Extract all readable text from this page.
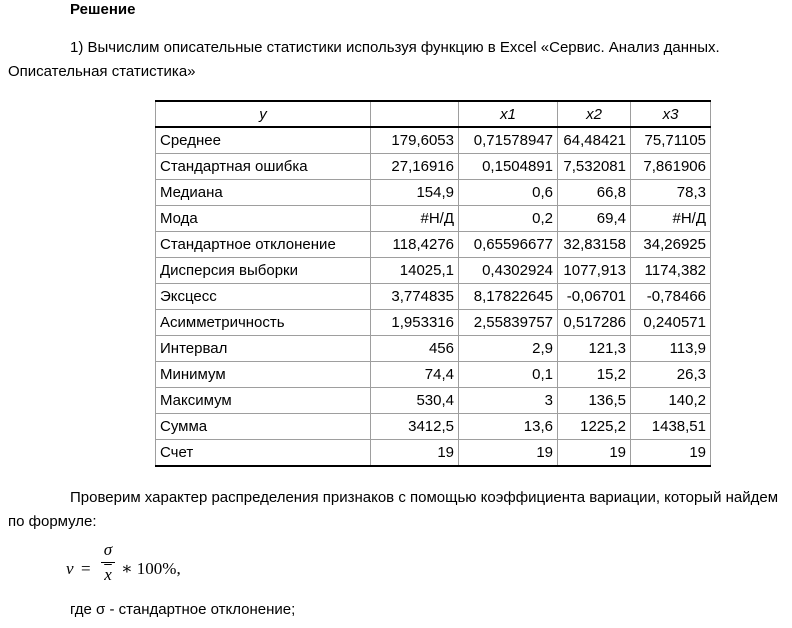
Решение
1) Вычислим описательные статистики используя функцию в Excel «Сервис. Анализ данных. Описательная статистика»
y		x1	x2	x3
Среднее	179,6053	0,71578947	64,48421	75,71105
Стандартная ошибка	27,16916	0,1504891	7,532081	7,861906
Медиана	154,9	0,6	66,8	78,3
Мода	#Н/Д	0,2	69,4	#Н/Д
Стандартное отклонение	118,4276	0,65596677	32,83158	34,26925
Дисперсия выборки	14025,1	0,4302924	1077,913	1174,382
Эксцесс	3,774835	8,17822645	-0,06701	-0,78466
Асимметричность	1,953316	2,55839757	0,517286	0,240571
Интервал	456	2,9	121,3	113,9
Минимум	74,4	0,1	15,2	26,3
Максимум	530,4	3	136,5	140,2
Сумма	3412,5	13,6	1225,2	1438,51
Счет	19	19	19	19
Проверим характер распределения признаков с помощью коэффициента вариации, который найдем по формуле:
$v = \frac{\sigma}{x}$ ∗ 100%,
где σ - стандартное отклонение;
